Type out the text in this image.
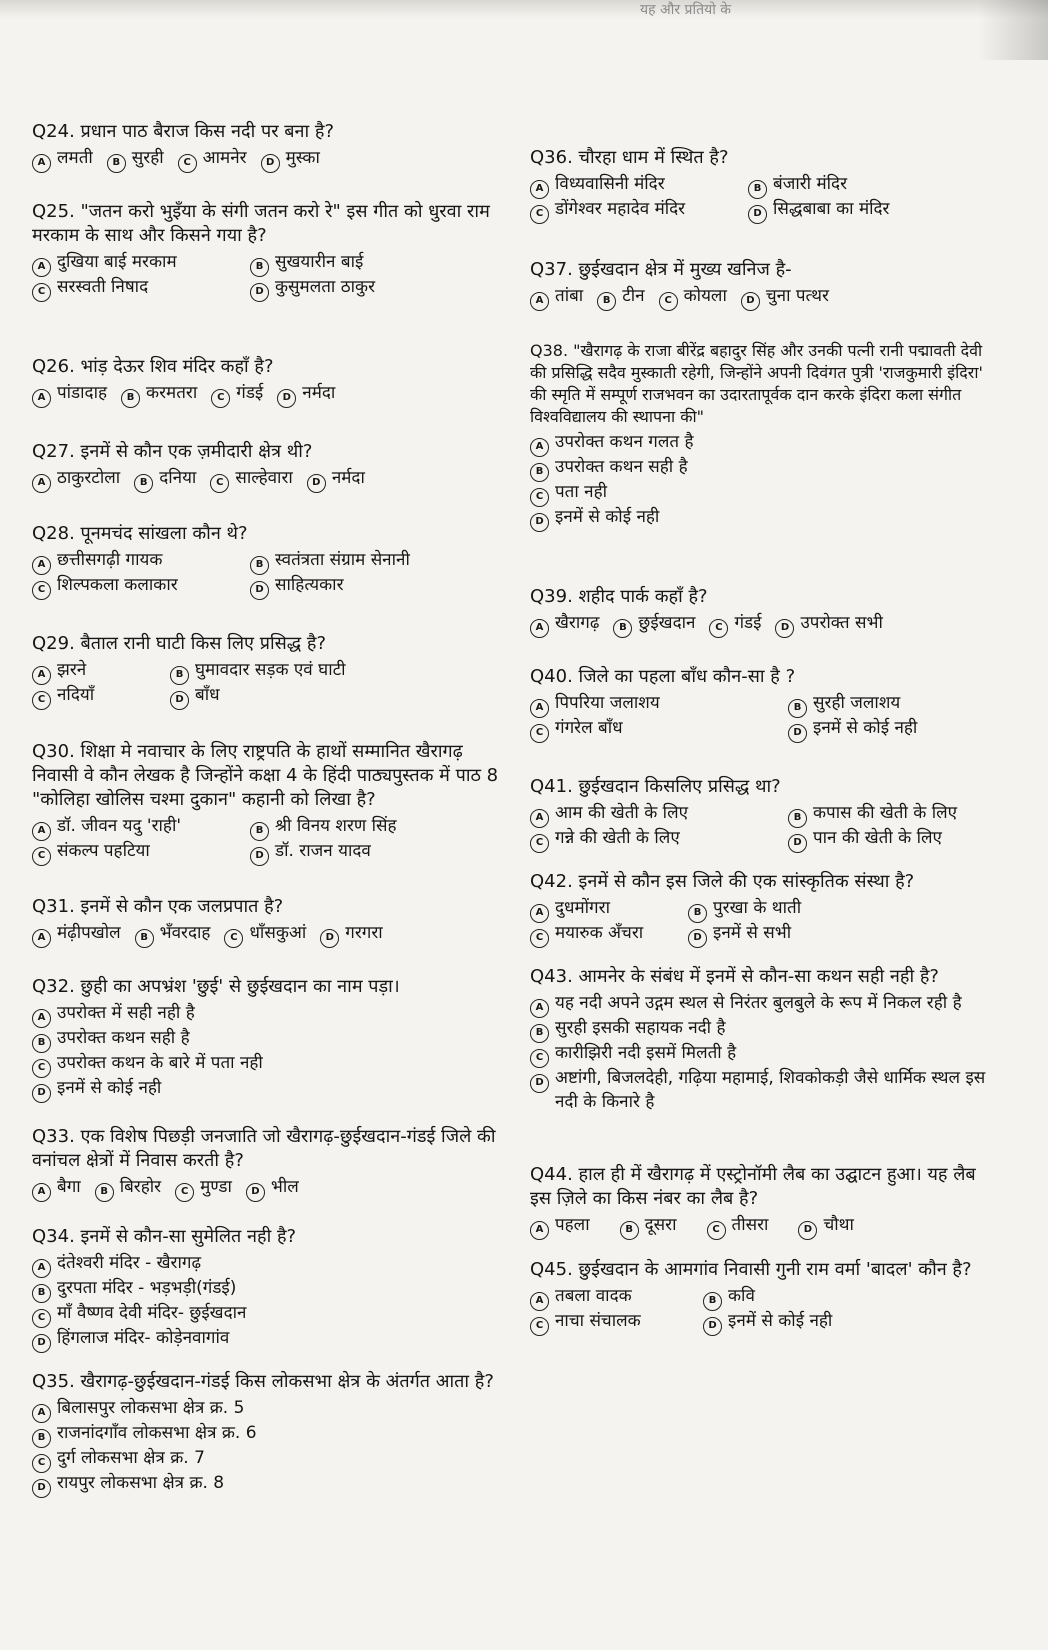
यह और प्रतियो के

Q24. प्रधान पाठ बैराज किस नदी पर बना है?

A लमती	B सुरही	C आमनेर	D मुस्का

Q25. "जतन करो भुइँया के संगी जतन करो रे" इस गीत को धुरवा राम मरकाम के साथ और किसने गया है?

A दुखिया बाई मरकाम	B सुखयारीन बाई
C सरस्वती निषाद	D कुसुमलता ठाकुर

Q26. भांड़ देऊर शिव मंदिर कहाँ है?

A पांडादाह	B करमतरा	C गंडई	D नर्मदा

Q27. इनमें से कौन एक ज़मीदारी क्षेत्र थी?

A ठाकुरटोला	B दनिया	C साल्हेवारा	D नर्मदा

Q28. पूनमचंद सांखला कौन थे?

A छत्तीसगढ़ी गायक	B स्वतंत्रता संग्राम सेनानी
C शिल्पकला कलाकार	D साहित्यकार

Q29. बैताल रानी घाटी किस लिए प्रसिद्ध है?

A झरने	B घुमावदार सड़क एवं घाटी
C नदियाँ	D बाँध

Q30. शिक्षा मे नवाचार के लिए राष्ट्रपति के हाथों सम्मानित खैरागढ़ निवासी वे कौन लेखक है जिन्होंने कक्षा 4 के हिंदी पाठ्यपुस्तक में पाठ 8 "कोलिहा खोलिस चश्मा दुकान" कहानी को लिखा है?

A डॉ. जीवन यदु 'राही'	B श्री विनय शरण सिंह
C संकल्प पहटिया	D डॉ. राजन यादव

Q31. इनमें से कौन एक जलप्रपात है?

A मंढ़ीपखोल	B भँवरदाह	C धाँसकुआं	D गरगरा

Q32. छुही का अपभ्रंश 'छुई' से छुईखदान का नाम पड़ा।

A उपरोक्त में सही नही है
B उपरोक्त कथन सही है
C उपरोक्त कथन के बारे में पता नही
D इनमें से कोई नही

Q33. एक विशेष पिछड़ी जनजाति जो खैरागढ़-छुईखदान-गंडई जिले की वनांचल क्षेत्रों में निवास करती है?

A बैगा	B बिरहोर	C मुण्डा	D भील

Q34. इनमें से कौन-सा सुमेलित नही है?

A दंतेश्वरी मंदिर - खैरागढ़
B दुरपता मंदिर - भड़भड़ी(गंडई)
C माँ वैष्णव देवी मंदिर- छुईखदान
D हिंगलाज मंदिर- कोड़ेनवागांव

Q35. खैरागढ़-छुईखदान-गंडई किस लोकसभा क्षेत्र के अंतर्गत आता है?

A बिलासपुर लोकसभा क्षेत्र क्र. 5
B राजनांदगाँव लोकसभा क्षेत्र क्र. 6
C दुर्ग लोकसभा क्षेत्र क्र. 7
D रायपुर लोकसभा क्षेत्र क्र. 8

Q36. चौरहा धाम में स्थित है?

A विध्यवासिनी मंदिर	B बंजारी मंदिर
C डोंगेश्वर महादेव मंदिर	D सिद्धबाबा का मंदिर

Q37. छुईखदान क्षेत्र में मुख्य खनिज है-

A तांबा	B टीन	C कोयला	D चुना पत्थर

Q38. "खैरागढ़ के राजा बीरेंद्र बहादुर सिंह और उनकी पत्नी रानी पद्मावती देवी की प्रसिद्धि सदैव मुस्काती रहेगी, जिन्होंने अपनी दिवंगत पुत्री 'राजकुमारी इंदिरा' की स्मृति में सम्पूर्ण राजभवन का उदारतापूर्वक दान करके इंदिरा कला संगीत विश्वविद्यालय की स्थापना की"

A उपरोक्त कथन गलत है
B उपरोक्त कथन सही है
C पता नही
D इनमें से कोई नही

Q39. शहीद पार्क कहाँ है?

A खैरागढ़	B छुईखदान	C गंडई	D उपरोक्त सभी

Q40. जिले का पहला बाँध कौन-सा है ?

A पिपरिया जलाशय	B सुरही जलाशय
C गंगरेल बाँध	D इनमें से कोई नही

Q41. छुईखदान किसलिए प्रसिद्ध था?

A आम की खेती के लिए	B कपास की खेती के लिए
C गन्ने की खेती के लिए	D पान की खेती के लिए

Q42. इनमें से कौन इस जिले की एक सांस्कृतिक संस्था है?

A दुधमोंगरा	B पुरखा के थाती
C मयारुक अँचरा	D इनमें से सभी

Q43. आमनेर के संबंध में इनमें से कौन-सा कथन सही नही है?

A यह नदी अपने उद्गम स्थल से निरंतर बुलबुले के रूप में निकल रही है
B सुरही इसकी सहायक नदी है
C कारीझिरी नदी इसमें मिलती है
D अष्टांगी, बिजलदेही, गढ़िया महामाई, शिवकोकड़ी जैसे धार्मिक स्थल इस नदी के किनारे है

Q44. हाल ही में खैरागढ़ में एस्ट्रोनॉमी लैब का उद्घाटन हुआ। यह लैब इस ज़िले का किस नंबर का लैब है?

A पहला	B दूसरा	C तीसरा	D चौथा

Q45. छुईखदान के आमगांव निवासी गुनी राम वर्मा 'बादल' कौन है?

A तबला वादक	B कवि
C नाचा संचालक	D इनमें से कोई नही
